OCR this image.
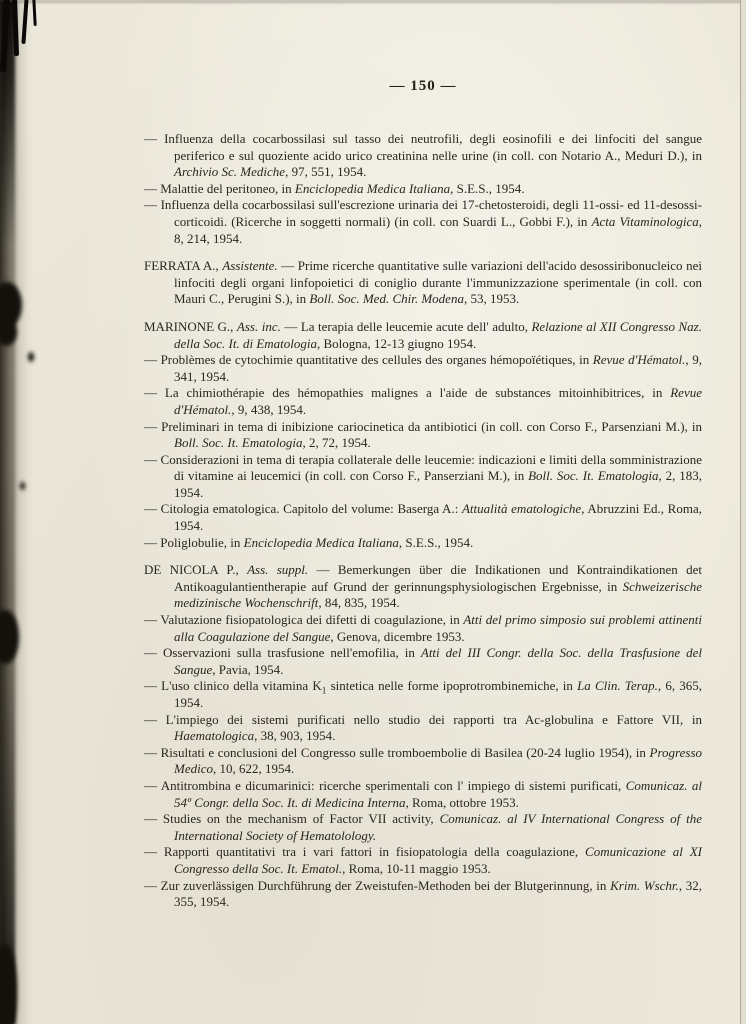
— 150 —

— Influenza della cocarbossilasi sul tasso dei neutrofili, degli eosinofili e dei linfociti del sangue periferico e sul quoziente acido urico creatinina nelle urine (in coll. con Notario A., Meduri D.), in Archivio Sc. Mediche, 97, 551, 1954.

— Malattie del peritoneo, in Enciclopedia Medica Italiana, S.E.S., 1954.

— Influenza della cocarbossilasi sull'escrezione urinaria dei 17-chetosteroidi, degli 11-ossi- ed 11-desossi-corticoidi. (Ricerche in soggetti normali) (in coll. con Suardi L., Gobbi F.), in Acta Vitaminologica, 8, 214, 1954.

FERRATA A., Assistente. — Prime ricerche quantitative sulle variazioni dell'acido desossiribonucleico nei linfociti degli organi linfopoietici di coniglio durante l'immunizzazione sperimentale (in coll. con Mauri C., Perugini S.), in Boll. Soc. Med. Chir. Modena, 53, 1953.

MARINONE G., Ass. inc. — La terapia delle leucemie acute dell' adulto, Relazione al XII Congresso Naz. della Soc. It. di Ematologia, Bologna, 12-13 giugno 1954.

— Problèmes de cytochimie quantitative des cellules des organes hémopoïétiques, in Revue d'Hématol., 9, 341, 1954.

— La chimiothérapie des hémopathies malignes a l'aide de substances mitoinhibitrices, in Revue d'Hématol., 9, 438, 1954.

— Preliminari in tema di inibizione cariocinetica da antibiotici (in coll. con Corso F., Parsenziani M.), in Boll. Soc. It. Ematologia, 2, 72, 1954.

— Considerazioni in tema di terapia collaterale delle leucemie: indicazioni e limiti della somministrazione di vitamine ai leucemici (in coll. con Corso F., Panserziani M.), in Boll. Soc. It. Ematologia, 2, 183, 1954.

— Citologia ematologica. Capitolo del volume: Baserga A.: Attualità ematologiche, Abruzzini Ed., Roma, 1954.

— Poliglobulie, in Enciclopedia Medica Italiana, S.E.S., 1954.

DE NICOLA P., Ass. suppl. — Bemerkungen über die Indikationen und Kontraindikationen det Antikoagulantientherapie auf Grund der gerinnungsphysiologischen Ergebnisse, in Schweizerische medizinische Wochenschrift, 84, 835, 1954.

— Valutazione fisiopatologica dei difetti di coagulazione, in Atti del primo simposio sui problemi attinenti alla Coagulazione del Sangue, Genova, dicembre 1953.

— Osservazioni sulla trasfusione nell'emofilia, in Atti del III Congr. della Soc. della Trasfusione del Sangue, Pavia, 1954.

— L'uso clinico della vitamina $K_1$ sintetica nelle forme ipoprotrombinemiche, in La Clin. Terap., 6, 365, 1954.

— L'impiego dei sistemi purificati nello studio dei rapporti tra Ac-globulina e Fattore VII, in Haematologica, 38, 903, 1954.

— Risultati e conclusioni del Congresso sulle tromboembolie di Basilea (20-24 luglio 1954), in Progresso Medico, 10, 622, 1954.

— Antitrombina e dicumarinici: ricerche sperimentali con l' impiego di sistemi purificati, Comunicaz. al 54º Congr. della Soc. It. di Medicina Interna, Roma, ottobre 1953.

— Studies on the mechanism of Factor VII activity, Comunicaz. al IV International Congress of the International Society of Hematolology.

— Rapporti quantitativi tra i vari fattori in fisiopatologia della coagulazione, Comunicazione al XI Congresso della Soc. It. Ematol., Roma, 10-11 maggio 1953.

— Zur zuverlässigen Durchführung der Zweistufen-Methoden bei der Blutgerinnung, in Krim. Wschr., 32, 355, 1954.
